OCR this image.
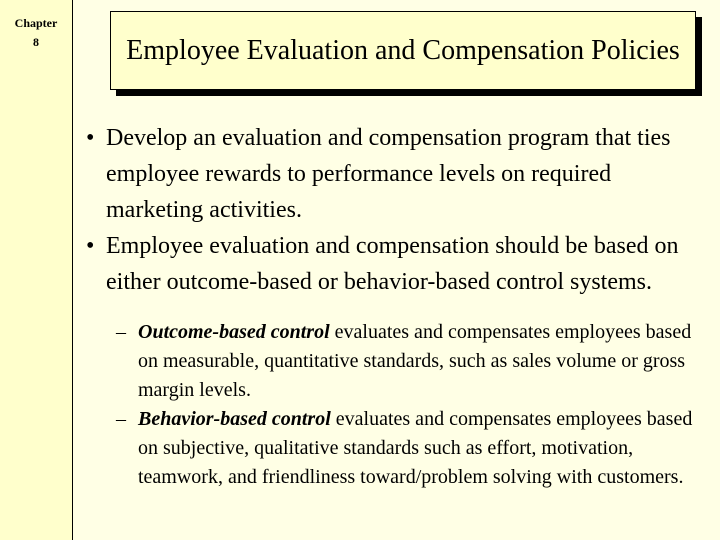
Chapter
8	Employee Evaluation and Compensation Policies
• Develop an evaluation and compensation program that ties employee rewards to performance levels on required marketing activities.
• Employee evaluation and compensation should be based on either outcome-based or behavior-based control systems.
– Outcome-based control evaluates and compensates employees based on measurable, quantitative standards, such as sales volume or gross margin levels.
– Behavior-based control evaluates and compensates employees based on subjective, qualitative standards such as effort, motivation, teamwork, and friendliness toward/problem solving with customers.
